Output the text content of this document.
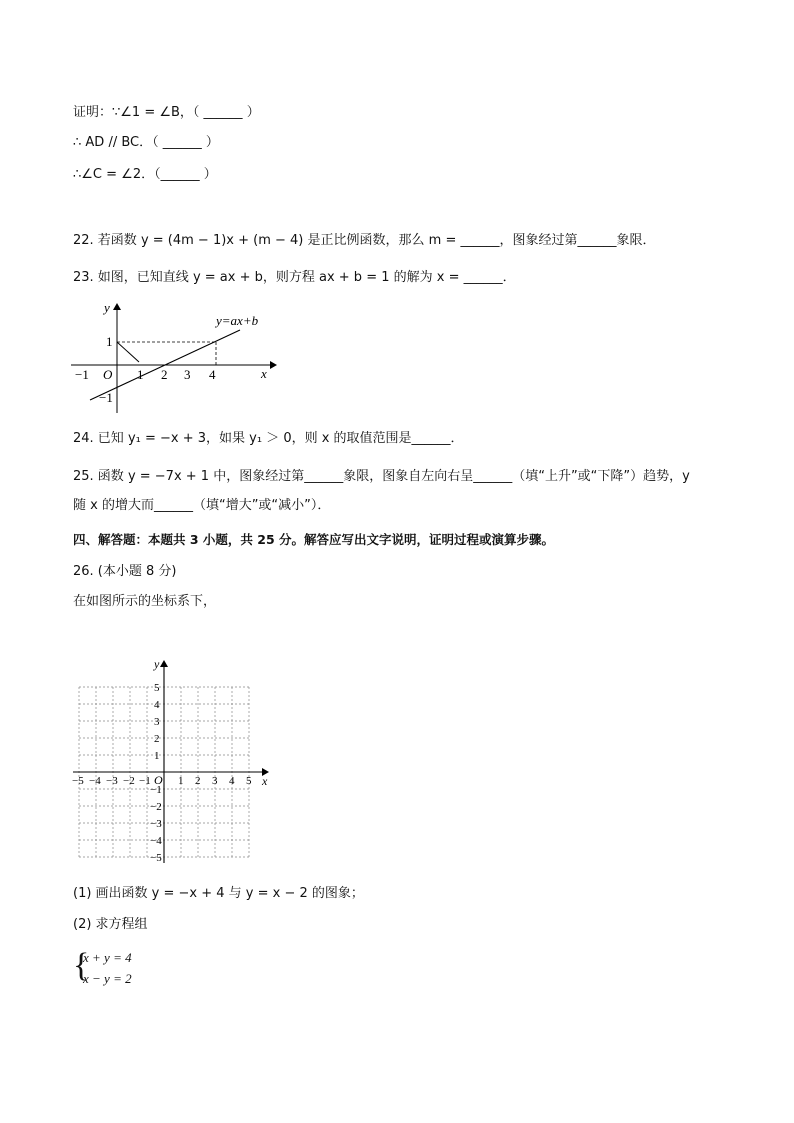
证明：∵∠1 = ∠B，（ ______ ）
∴ AD // BC．（ ______ ）
∴∠C = ∠2．（______ ）
22. 若函数 y = (4m − 1)x + (m − 4) 是正比例函数，那么 m = ______，图象经过第______象限．
23. 如图，已知直线 y = ax + b，则方程 ax + b = 1 的解为 x = ______．
y=ax+b
y
x
O
−1	1 2 3 4
1
−1
24. 已知 y₁ = −x + 3，如果 y₁ ＞ 0，则 x 的取值范围是______．
25. 函数 y = −7x + 1 中，图象经过第______象限，图象自左向右呈______（填“上升”或“下降”）趋势，y
随 x 的增大而______（填“增大”或“减小”）．
四、解答题：本题共 3 小题，共 25 分。解答应写出文字说明，证明过程或演算步骤。
26. (本小题 8 分)
在如图所示的坐标系下，
y
x
O
−5 −4 −3 −2 −1 1 2 3 4 5
5
4
3
2
1
−1
−2
−3
−4
−5
(1) 画出函数 y = −x + 4 与 y = x − 2 的图象；
(2) 求方程组
{
x + y = 4
x − y = 2
